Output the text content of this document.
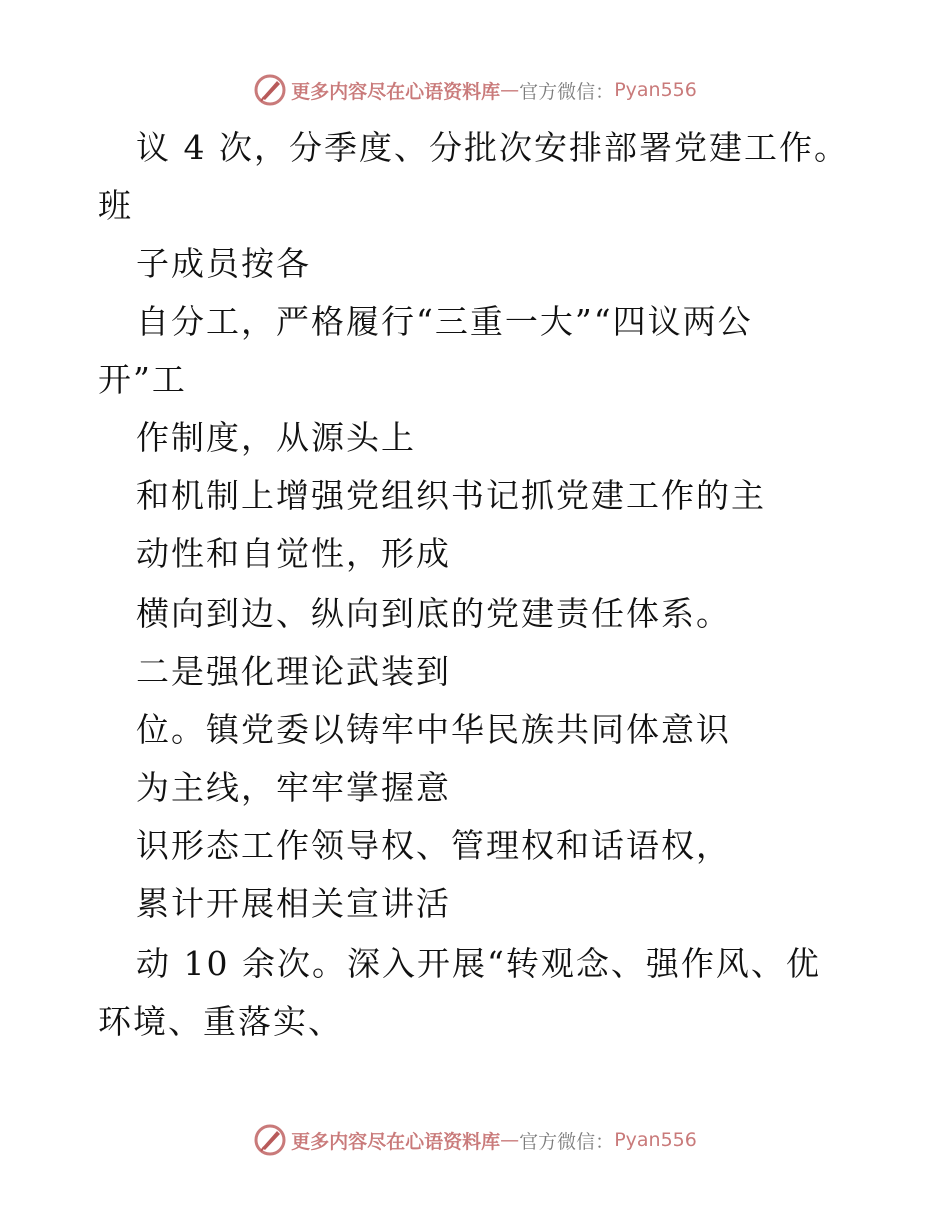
更多内容尽在心语资料库 — 官方微信： Pyan556
议 4 次，分季度、分批次安排部署党建工作。
班
子成员按各
自分工，严格履行“三重一大”“四议两公
开”工
作制度，从源头上
和机制上增强党组织书记抓党建工作的主
动性和自觉性，形成
横向到边、纵向到底的党建责任体系。
二是强化理论武装到
位。镇党委以铸牢中华民族共同体意识
为主线，牢牢掌握意
识形态工作领导权、管理权和话语权，
累计开展相关宣讲活
动 10 余次。深入开展“转观念、强作风、优
环境、重落实、
更多内容尽在心语资料库 — 官方微信： Pyan556
